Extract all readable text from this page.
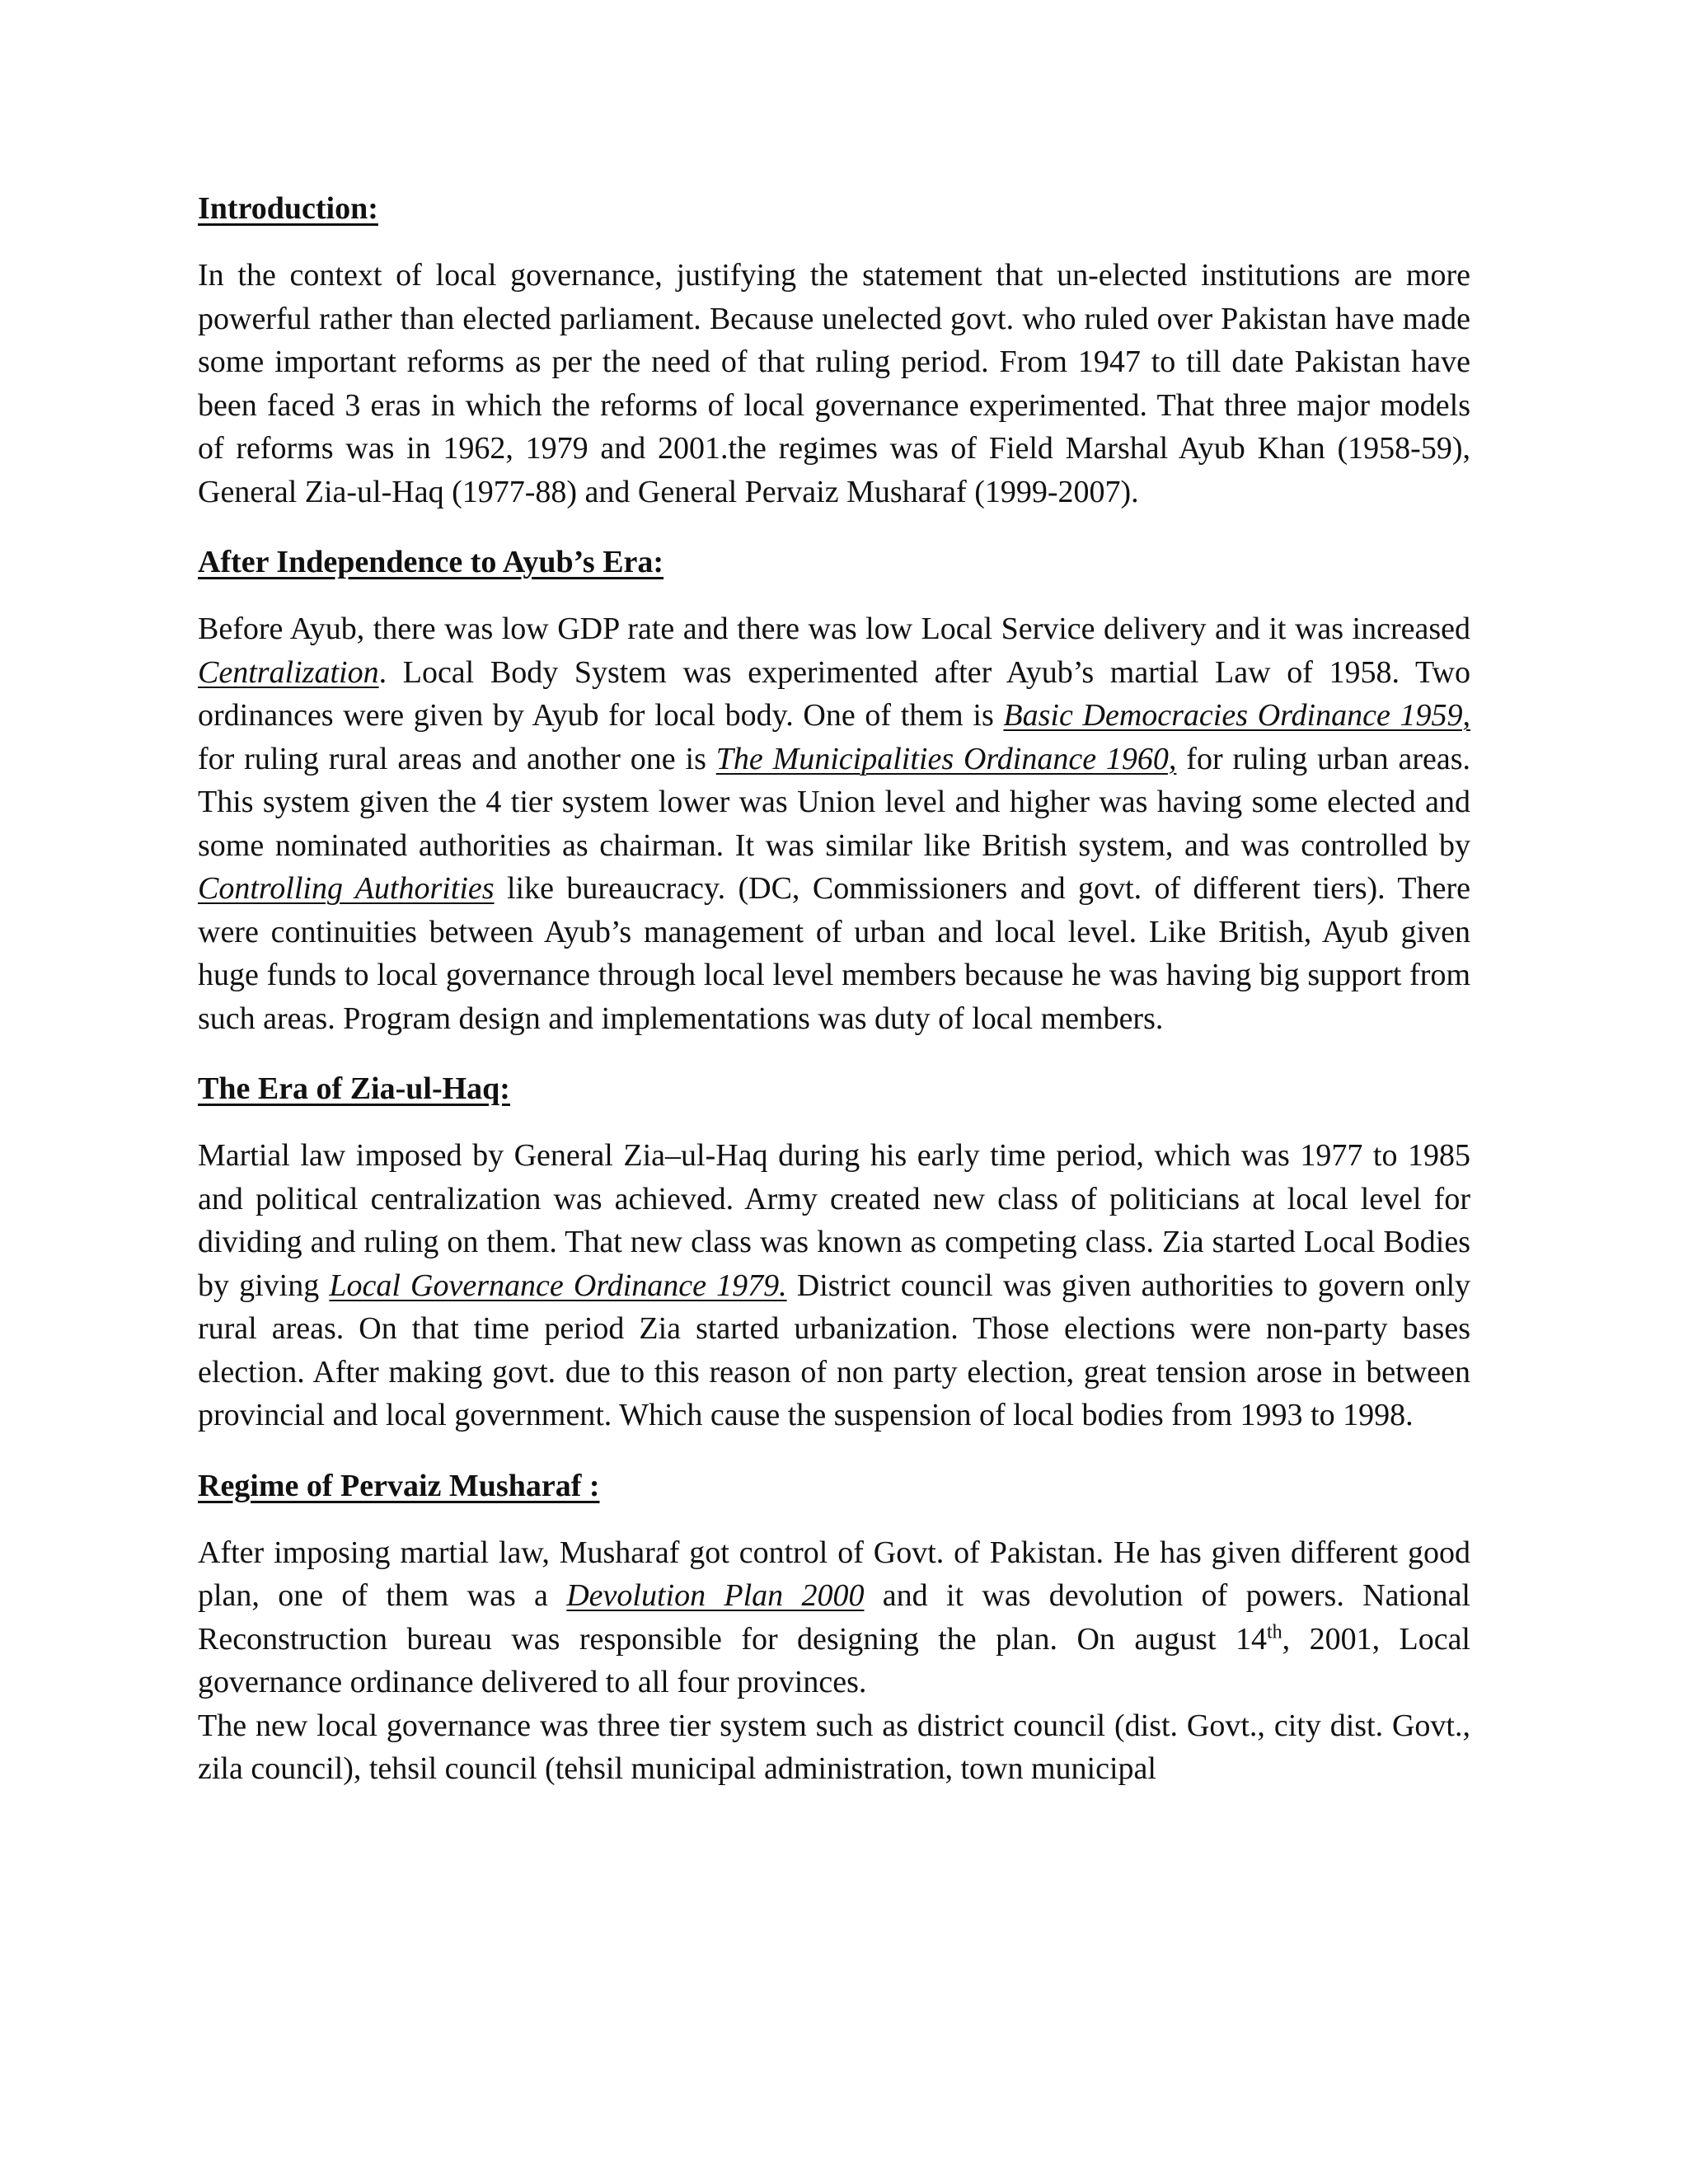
Introduction:

In the context of local governance, justifying the statement that un-elected institutions are more powerful rather than elected parliament. Because unelected govt. who ruled over Pakistan have made some important reforms as per the need of that ruling period. From 1947 to till date Pakistan have been faced 3 eras in which the reforms of local governance experimented. That three major models of reforms was in 1962, 1979 and 2001.the regimes was of Field Marshal Ayub Khan (1958-59), General Zia-ul-Haq (1977-88) and General Pervaiz Musharaf (1999-2007).

After Independence to Ayub’s Era:

Before Ayub, there was low GDP rate and there was low Local Service delivery and it was increased Centralization. Local Body System was experimented after Ayub’s martial Law of 1958. Two ordinances were given by Ayub for local body. One of them is Basic Democracies Ordinance 1959, for ruling rural areas and another one is The Municipalities Ordinance 1960, for ruling urban areas. This system given the 4 tier system lower was Union level and higher was having some elected and some nominated authorities as chairman. It was similar like British system, and was controlled by Controlling Authorities like bureaucracy. (DC, Commissioners and govt. of different tiers). There were continuities between Ayub’s management of urban and local level. Like British, Ayub given huge funds to local governance through local level members because he was having big support from such areas. Program design and implementations was duty of local members.

The Era of Zia-ul-Haq:

Martial law imposed by General Zia–ul-Haq during his early time period, which was 1977 to 1985 and political centralization was achieved. Army created new class of politicians at local level for dividing and ruling on them. That new class was known as competing class. Zia started Local Bodies by giving Local Governance Ordinance 1979. District council was given authorities to govern only rural areas. On that time period Zia started urbanization. Those elections were non-party bases election. After making govt. due to this reason of non party election, great tension arose in between provincial and local government. Which cause the suspension of local bodies from 1993 to 1998.

Regime of Pervaiz Musharaf :

After imposing martial law, Musharaf got control of Govt. of Pakistan. He has given different good plan, one of them was a Devolution Plan 2000 and it was devolution of powers. National Reconstruction bureau was responsible for designing the plan. On august 14th, 2001, Local governance ordinance delivered to all four provinces.
The new local governance was three tier system such as district council (dist. Govt., city dist. Govt., zila council), tehsil council (tehsil municipal administration, town municipal
